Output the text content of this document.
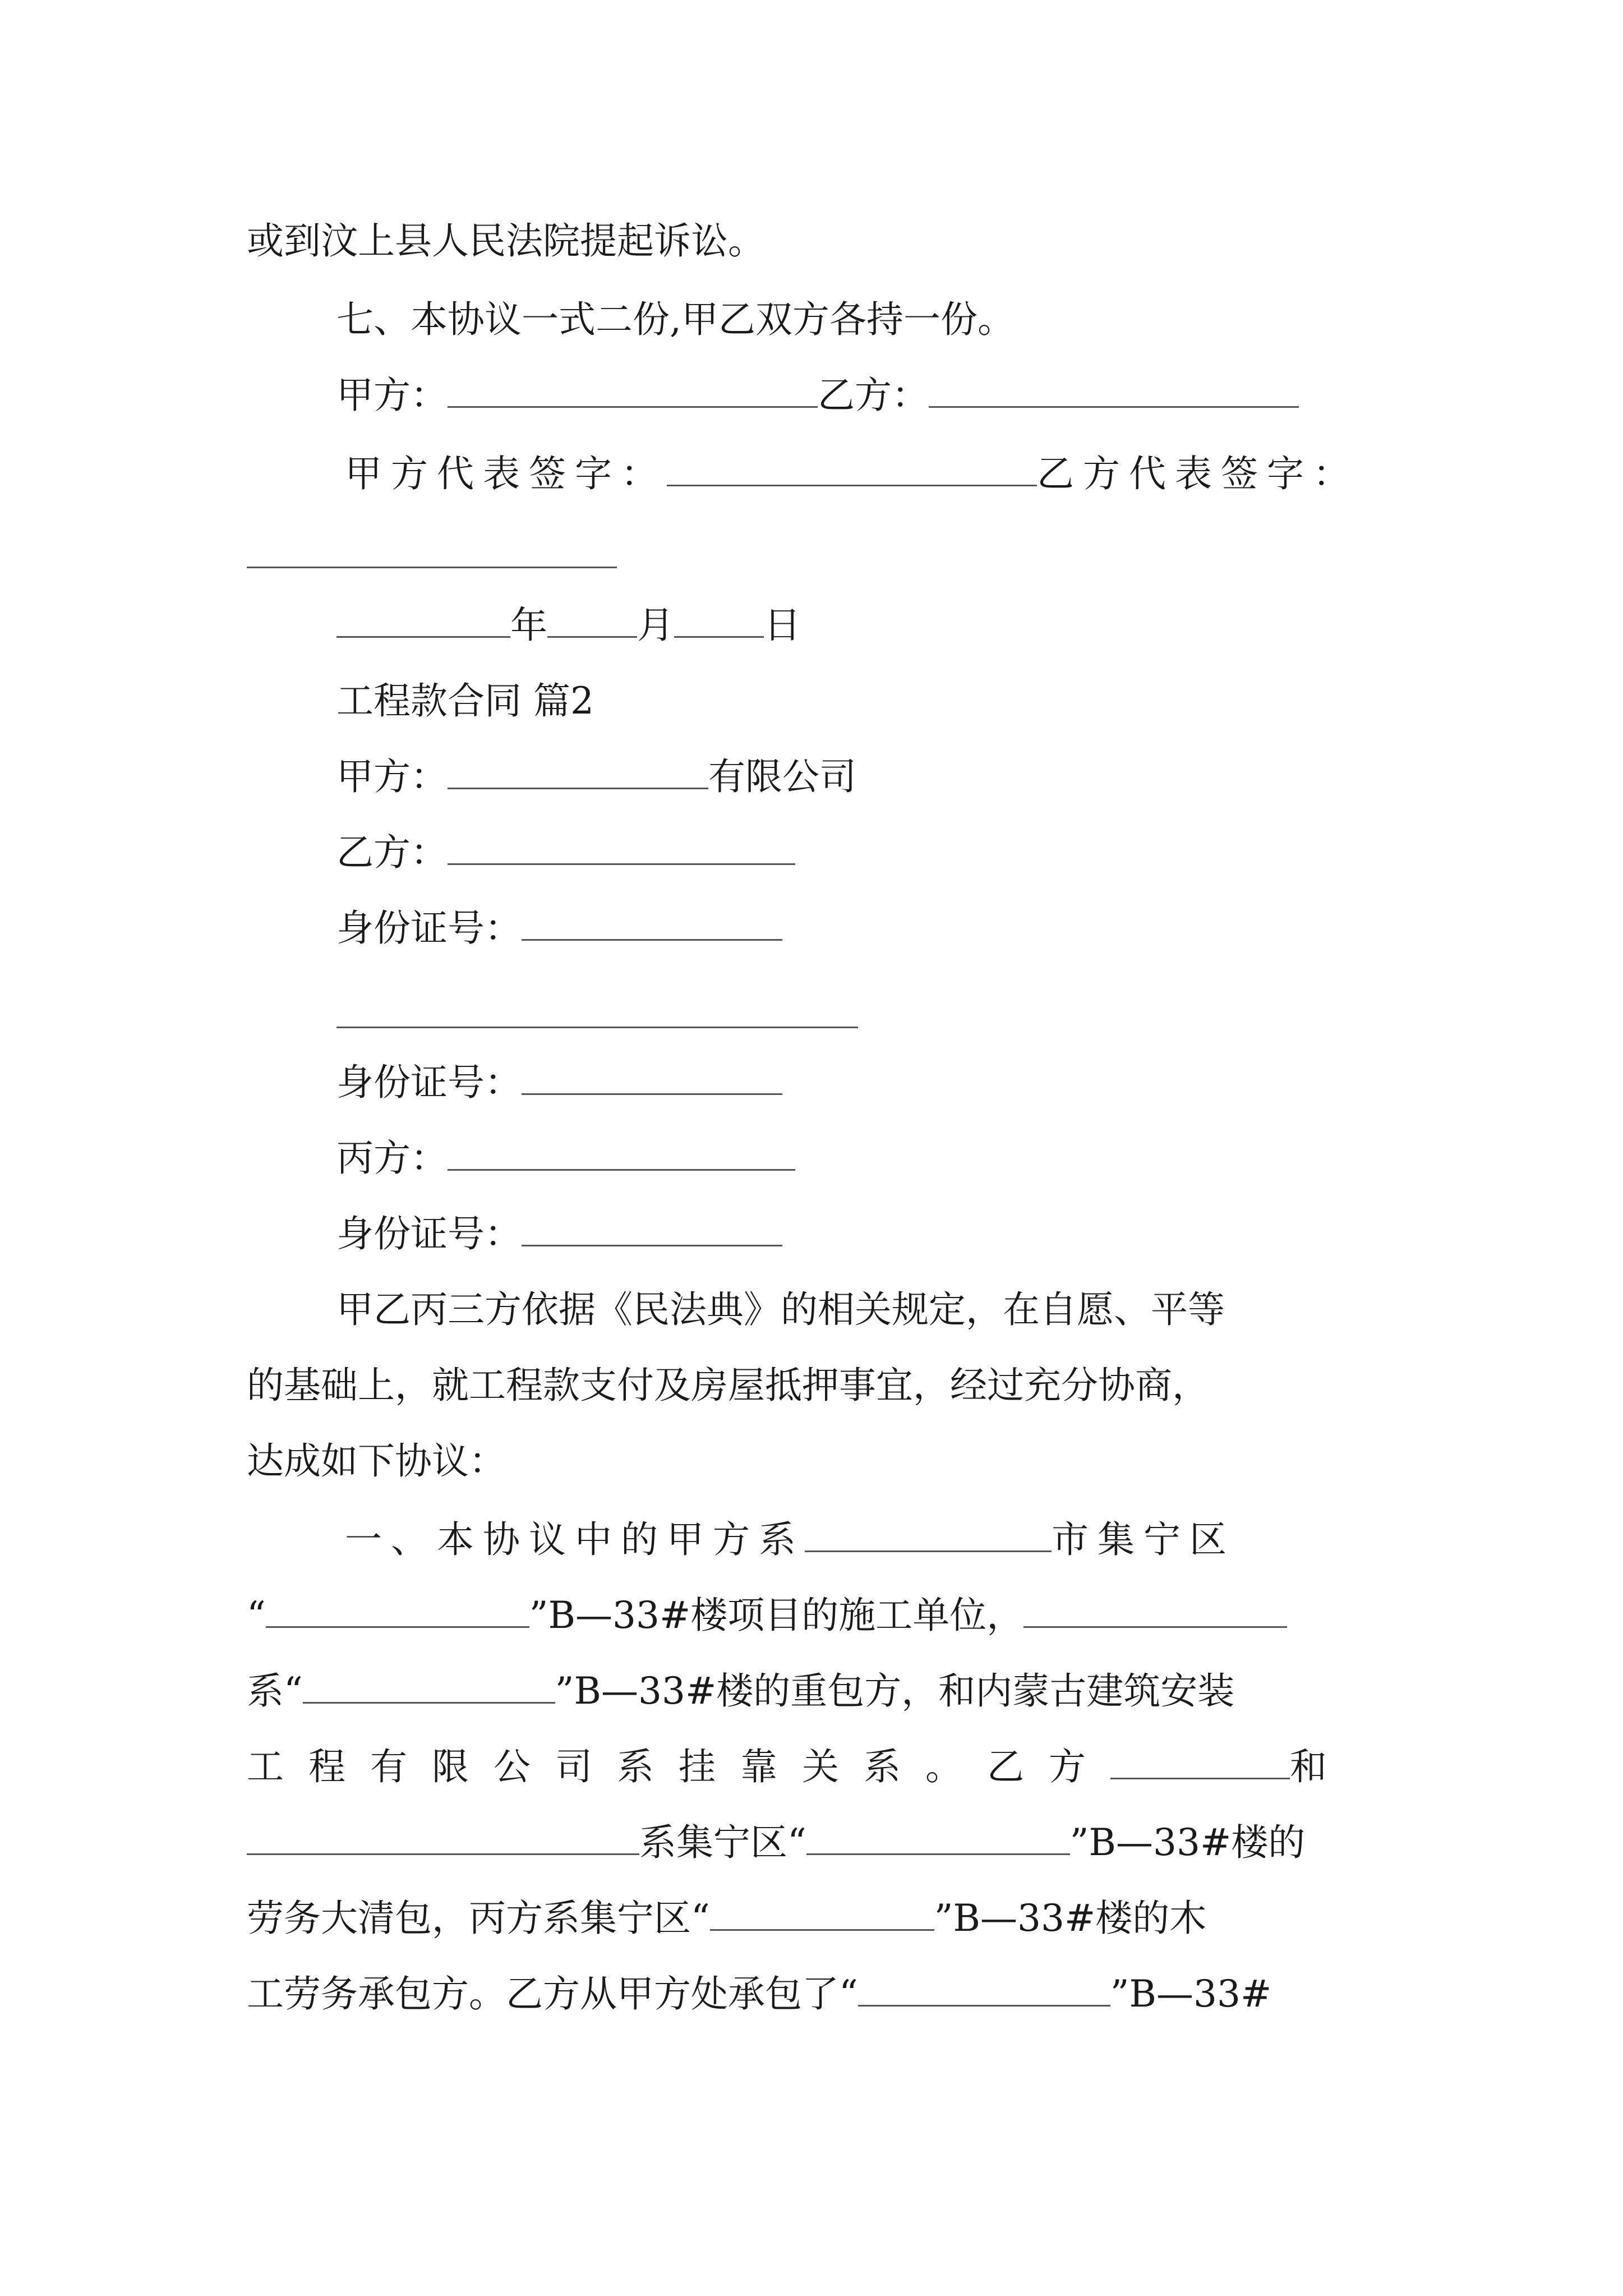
或到汶上县人民法院提起诉讼。
七、本协议一式二份,甲乙双方各持一份。
甲方：	乙方：
甲方代表签字：	乙方代表签字：
年 月 日
工程款合同 篇2
甲方：	有限公司
乙方：
身份证号：
身份证号：
丙方：
身份证号：
甲乙丙三方依据《民法典》的相关规定，在自愿、平等
的基础上，就工程款支付及房屋抵押事宜，经过充分协商，
达成如下协议：
一、本协议中的甲方系	市集宁区
“	”B—33#楼项目的施工单位，
系“	”B—33#楼的重包方，和内蒙古建筑安装
工程有限公司系挂靠关系。乙方	和
系集宁区“	”B—33#楼的
劳务大清包，丙方系集宁区“	”B—33#楼的木
工劳务承包方。乙方从甲方处承包了“	”B—33#
